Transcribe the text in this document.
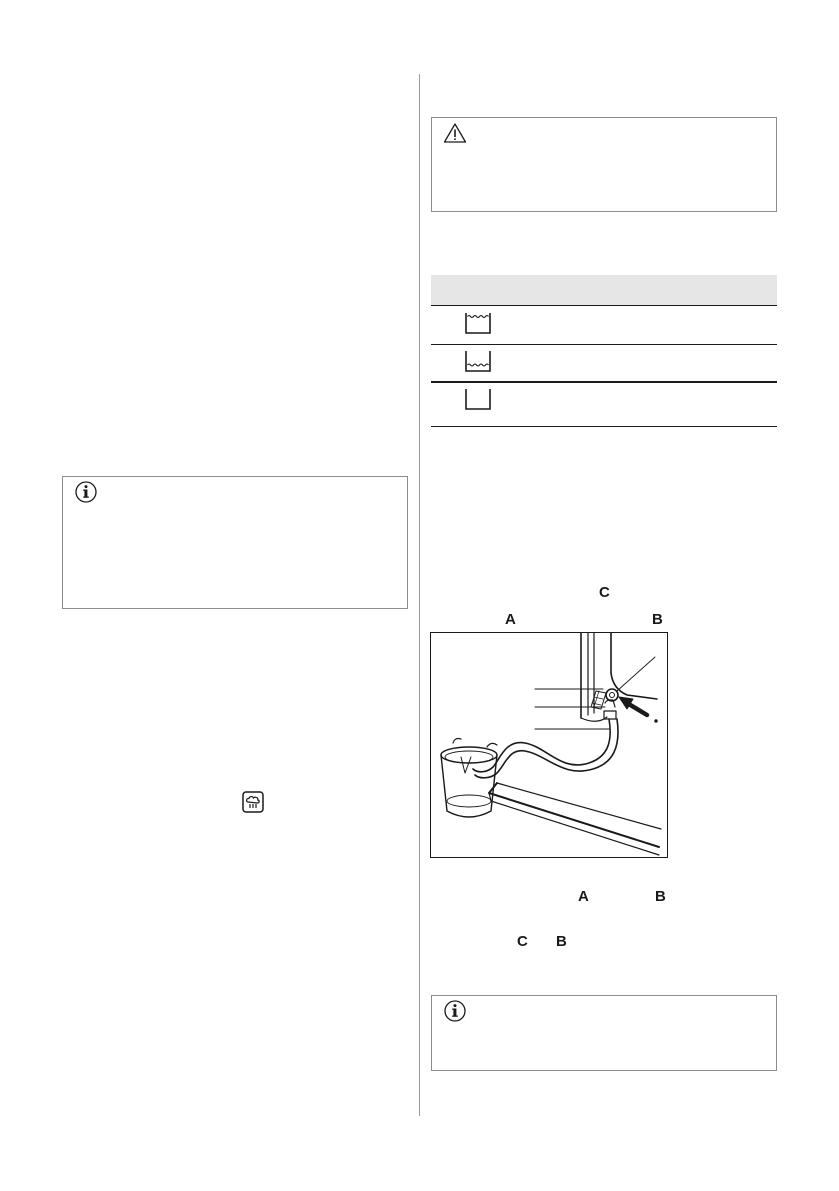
C
A	B
A	B
C B
